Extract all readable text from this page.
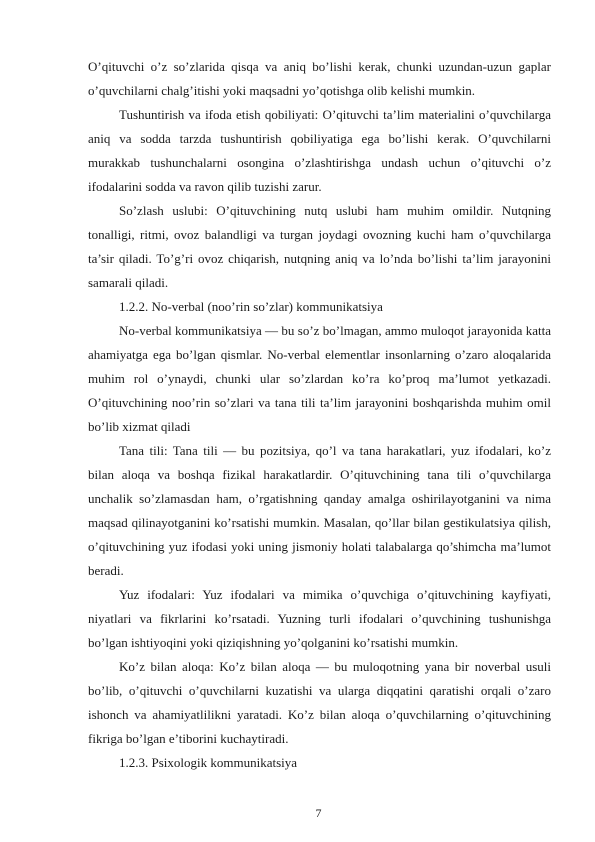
O’qituvchi o’z so’zlarida qisqa va aniq bo’lishi kerak, chunki uzundan-uzun gaplar o’quvchilarni chalg’itishi yoki maqsadni yo’qotishga olib kelishi mumkin.

Tushuntirish va ifoda etish qobiliyati: O’qituvchi ta’lim materialini o’quvchilarga aniq va sodda tarzda tushuntirish qobiliyatiga ega bo’lishi kerak. O’quvchilarni murakkab tushunchalarni osongina o’zlashtirishga undash uchun o’qituvchi o’z ifodalarini sodda va ravon qilib tuzishi zarur.

So’zlash uslubi: O’qituvchining nutq uslubi ham muhim omildir. Nutqning tonalligi, ritmi, ovoz balandligi va turgan joydagi ovozning kuchi ham o’quvchilarga ta’sir qiladi. To’g’ri ovoz chiqarish, nutqning aniq va lo’nda bo’lishi ta’lim jarayonini samarali qiladi.

1.2.2. No-verbal (noo’rin so’zlar) kommunikatsiya

No-verbal kommunikatsiya — bu so’z bo’lmagan, ammo muloqot jarayonida katta ahamiyatga ega bo’lgan qismlar. No-verbal elementlar insonlarning o’zaro aloqalarida muhim rol o’ynaydi, chunki ular so’zlardan ko’ra ko’proq ma’lumot yetkazadi. O’qituvchining noo’rin so’zlari va tana tili ta’lim jarayonini boshqarishda muhim omil bo’lib xizmat qiladi

Tana tili: Tana tili — bu pozitsiya, qo’l va tana harakatlari, yuz ifodalari, ko’z bilan aloqa va boshqa fizikal harakatlardir. O’qituvchining tana tili o’quvchilarga unchalik so’zlamasdan ham, o’rgatishning qanday amalga oshirilayotganini va nima maqsad qilinayotganini ko’rsatishi mumkin. Masalan, qo’llar bilan gestikulatsiya qilish, o’qituvchining yuz ifodasi yoki uning jismoniy holati talabalarga qo’shimcha ma’lumot beradi.

Yuz ifodalari: Yuz ifodalari va mimika o’quvchiga o’qituvchining kayfiyati, niyatlari va fikrlarini ko’rsatadi. Yuzning turli ifodalari o’quvchining tushunishga bo’lgan ishtiyoqini yoki qiziqishning yo’qolganini ko’rsatishi mumkin.

Ko’z bilan aloqa: Ko’z bilan aloqa — bu muloqotning yana bir noverbal usuli bo’lib, o’qituvchi o’quvchilarni kuzatishi va ularga diqqatini qaratishi orqali o’zaro ishonch va ahamiyatlilikni yaratadi. Ko’z bilan aloqa o’quvchilarning o’qituvchining fikriga bo’lgan e’tiborini kuchaytiradi.

1.2.3. Psixologik kommunikatsiya

7
